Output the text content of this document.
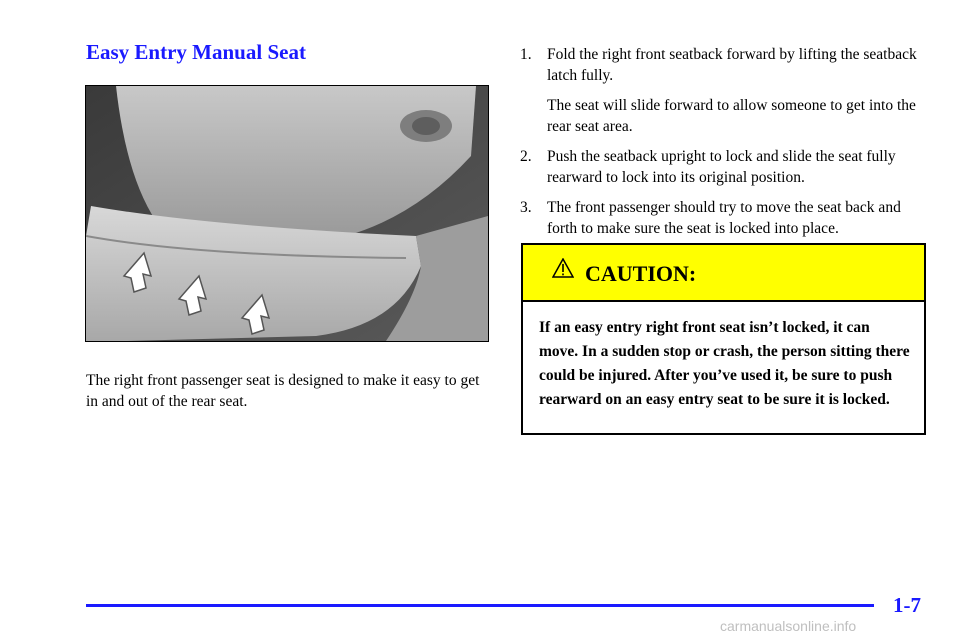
Easy Entry Manual Seat

The right front passenger seat is designed to make it easy to get in and out of the rear seat.

1. Fold the right front seatback forward by lifting the seatback latch fully.
The seat will slide forward to allow someone to get into the rear seat area.
2. Push the seatback upright to lock and slide the seat fully rearward to lock into its original position.
3. The front passenger should try to move the seat back and forth to make sure the seat is locked into place.
CAUTION:

If an easy entry right front seat isn’t locked, it can move. In a sudden stop or crash, the person sitting there could be injured. After you’ve used it, be sure to push rearward on an easy entry seat to be sure it is locked.

1-7
carmanualsonline.info
